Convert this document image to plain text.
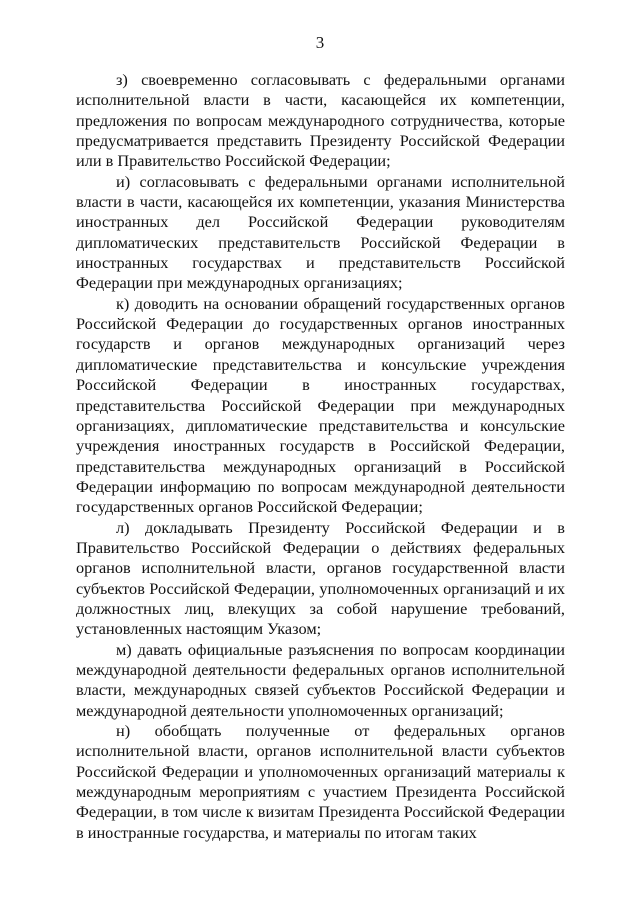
3

з) своевременно согласовывать с федеральными органами исполнительной власти в части, касающейся их компетенции, предложения по вопросам международного сотрудничества, которые предусматривается представить Президенту Российской Федерации или в Правительство Российской Федерации;

и) согласовывать с федеральными органами исполнительной власти в части, касающейся их компетенции, указания Министерства иностранных дел Российской Федерации руководителям дипломатических представительств Российской Федерации в иностранных государствах и представительств Российской Федерации при международных организациях;

к) доводить на основании обращений государственных органов Российской Федерации до государственных органов иностранных государств и органов международных организаций через дипломатические представительства и консульские учреждения Российской Федерации в иностранных государствах, представительства Российской Федерации при международных организациях, дипломатические представительства и консульские учреждения иностранных государств в Российской Федерации, представительства международных организаций в Российской Федерации информацию по вопросам международной деятельности государственных органов Российской Федерации;

л) докладывать Президенту Российской Федерации и в Правительство Российской Федерации о действиях федеральных органов исполнительной власти, органов государственной власти субъектов Российской Федерации, уполномоченных организаций и их должностных лиц, влекущих за собой нарушение требований, установленных настоящим Указом;

м) давать официальные разъяснения по вопросам координации международной деятельности федеральных органов исполнительной власти, международных связей субъектов Российской Федерации и международной деятельности уполномоченных организаций;

н) обобщать полученные от федеральных органов исполнительной власти, органов исполнительной власти субъектов Российской Федерации и уполномоченных организаций материалы к международным мероприятиям с участием Президента Российской Федерации, в том числе к визитам Президента Российской Федерации в иностранные государства, и материалы по итогам таких
